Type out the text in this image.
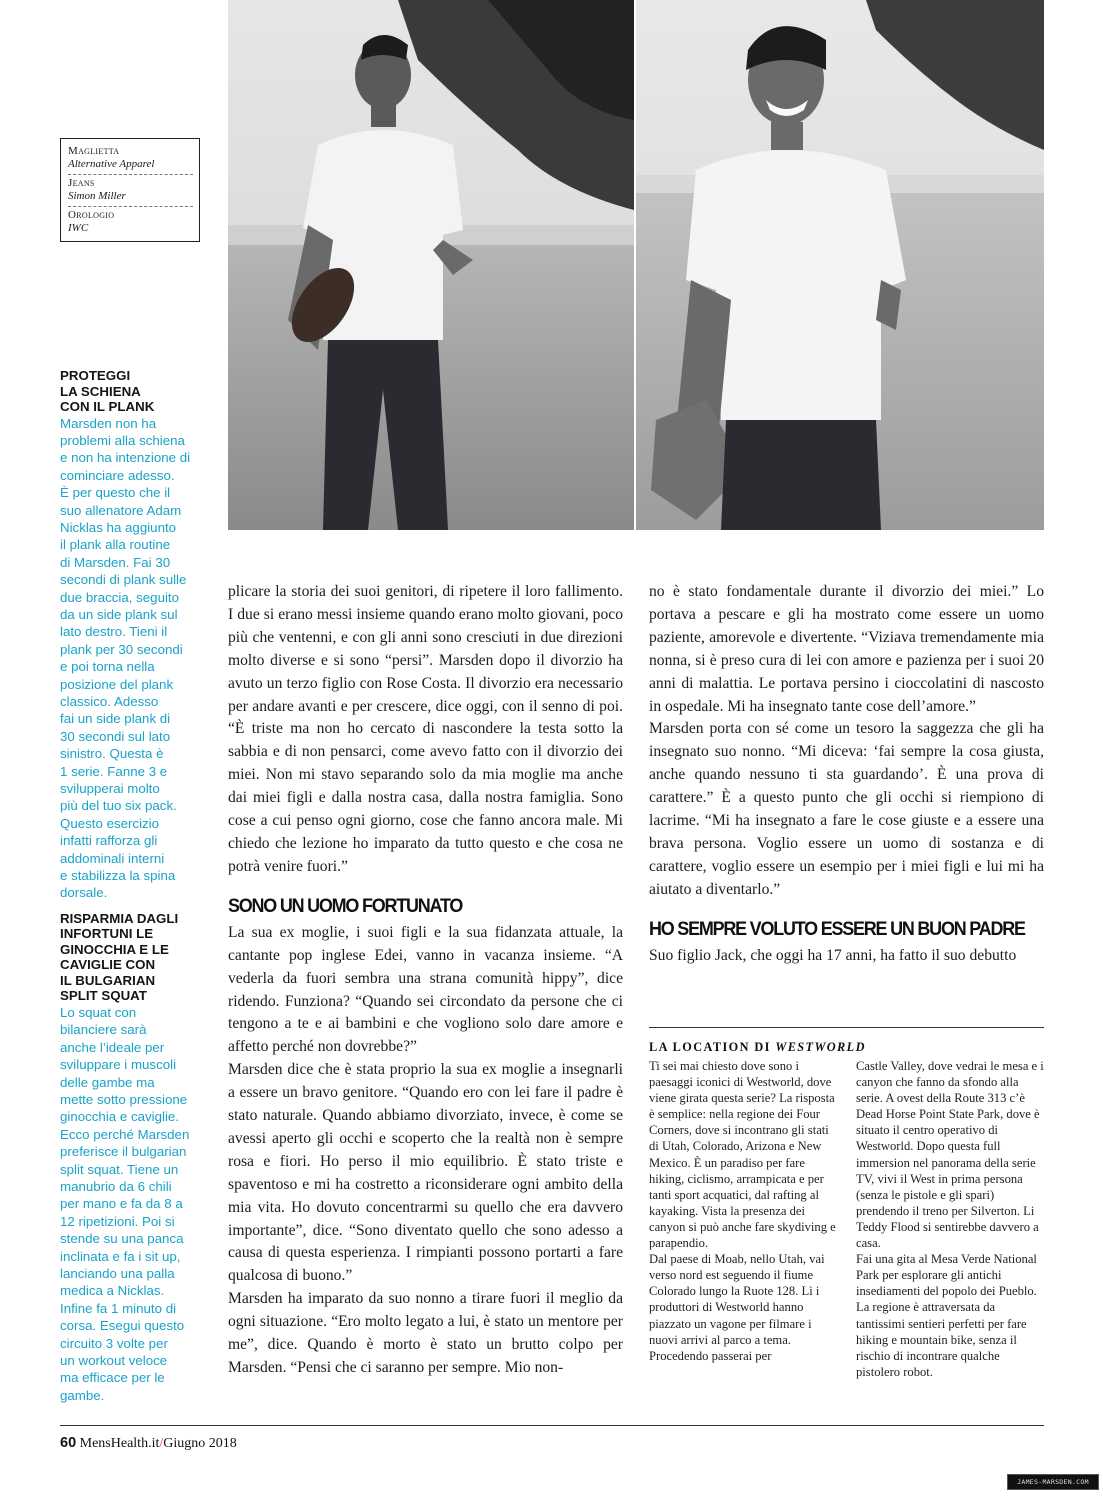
Maglietta
Alternative Apparel
Jeans
Simon Miller
Orologio
IWC
PROTEGGI
LA SCHIENA
CON IL PLANK
Marsden non ha
problemi alla schiena
e non ha intenzione di
cominciare adesso.
È per questo che il
suo allenatore Adam
Nicklas ha aggiunto
il plank alla routine
di Marsden. Fai 30
secondi di plank sulle
due braccia, seguito
da un side plank sul
lato destro. Tieni il
plank per 30 secondi
e poi torna nella
posizione del plank
classico. Adesso
fai un side plank di
30 secondi sul lato
sinistro. Questa è
1 serie. Fanne 3 e
svilupperai molto
più del tuo six pack.
Questo esercizio
infatti rafforza gli
addominali interni
e stabilizza la spina
dorsale.
RISPARMIA DAGLI
INFORTUNI LE
GINOCCHIA E LE
CAVIGLIE CON
IL BULGARIAN
SPLIT SQUAT
Lo squat con
bilanciere sarà
anche l’ideale per
sviluppare i muscoli
delle gambe ma
mette sotto pressione
ginocchia e caviglie.
Ecco perché Marsden
preferisce il bulgarian
split squat. Tiene un
manubrio da 6 chili
per mano e fa da 8 a
12 ripetizioni. Poi si
stende su una panca
inclinata e fa i sit up,
lanciando una palla
medica a Nicklas.
Infine fa 1 minuto di
corsa. Esegui questo
circuito 3 volte per
un workout veloce
ma efficace per le
gambe.

plicare la storia dei suoi genitori, di ripetere il loro fallimento. I due si erano messi insieme quando erano molto giovani, poco più che ventenni, e con gli anni sono cresciuti in due direzioni molto diverse e si sono “persi”. Marsden dopo il divorzio ha avuto un terzo figlio con Rose Costa. Il divorzio era necessario per andare avanti e per crescere, dice oggi, con il senno di poi. “È triste ma non ho cercato di nascondere la testa sotto la sabbia e di non pensarci, come avevo fatto con il divorzio dei miei. Non mi stavo separando solo da mia moglie ma anche dai miei figli e dalla nostra casa, dalla nostra famiglia. Sono cose a cui penso ogni giorno, cose che fanno ancora male. Mi chiedo che lezione ho imparato da tutto questo e che cosa ne potrà venire fuori.”

SONO UN UOMO FORTUNATO

La sua ex moglie, i suoi figli e la sua fidanzata attuale, la cantante pop inglese Edei, vanno in vacanza insieme. “A vederla da fuori sembra una strana comunità hippy”, dice ridendo. Funziona? “Quando sei circondato da persone che ci tengono a te e ai bambini e che vogliono solo dare amore e affetto perché non dovrebbe?”

Marsden dice che è stata proprio la sua ex moglie a insegnarli a essere un bravo genitore. “Quando ero con lei fare il padre è stato naturale. Quando abbiamo divorziato, invece, è come se avessi aperto gli occhi e scoperto che la realtà non è sempre rosa e fiori. Ho perso il mio equilibrio. È stato triste e spaventoso e mi ha costretto a riconsiderare ogni ambito della mia vita. Ho dovuto concentrarmi su quello che era davvero importante”, dice. “Sono diventato quello che sono adesso a causa di questa esperienza. I rimpianti possono portarti a fare qualcosa di buono.”

Marsden ha imparato da suo nonno a tirare fuori il meglio da ogni situazione. “Ero molto legato a lui, è stato un mentore per me”, dice. Quando è morto è stato un brutto colpo per Marsden. “Pensi che ci saranno per sempre. Mio non-

no è stato fondamentale durante il divorzio dei miei.” Lo portava a pescare e gli ha mostrato come essere un uomo paziente, amorevole e divertente. “Viziava tremendamente mia nonna, si è preso cura di lei con amore e pazienza per i suoi 20 anni di malattia. Le portava persino i cioccolatini di nascosto in ospedale. Mi ha insegnato tante cose dell’amore.”

Marsden porta con sé come un tesoro la saggezza che gli ha insegnato suo nonno. “Mi diceva: ‘fai sempre la cosa giusta, anche quando nessuno ti sta guardando’. È una prova di carattere.” È a questo punto che gli occhi si riempiono di lacrime. “Mi ha insegnato a fare le cose giuste e a essere una brava persona. Voglio essere un uomo di sostanza e di carattere, voglio essere un esempio per i miei figli e lui mi ha aiutato a diventarlo.”

HO SEMPRE VOLUTO ESSERE UN BUON PADRE

Suo figlio Jack, che oggi ha 17 anni, ha fatto il suo debutto

LA LOCATION DI WESTWORLD

Ti sei mai chiesto dove sono i paesaggi iconici di Westworld, dove viene girata questa serie? La risposta è semplice: nella regione dei Four Corners, dove si incontrano gli stati di Utah, Colorado, Arizona e New Mexico. È un paradiso per fare hiking, ciclismo, arrampicata e per tanti sport acquatici, dal rafting al kayaking. Vista la presenza dei canyon si può anche fare skydiving e parapendio.

Dal paese di Moab, nello Utah, vai verso nord est seguendo il fiume Colorado lungo la Ruote 128. Lì i produttori di Westworld hanno piazzato un vagone per filmare i nuovi arrivi al parco a tema. Procedendo passerai per

Castle Valley, dove vedrai le mesa e i canyon che fanno da sfondo alla serie. A ovest della Route 313 c’è Dead Horse Point State Park, dove è situato il centro operativo di Westworld. Dopo questa full immersion nel panorama della serie TV, vivi il West in prima persona (senza le pistole e gli spari) prendendo il treno per Silverton. Li Teddy Flood si sentirebbe davvero a casa.

Fai una gita al Mesa Verde National Park per esplorare gli antichi insediamenti del popolo dei Pueblo. La regione è attraversata da tantissimi sentieri perfetti per fare hiking e mountain bike, senza il rischio di incontrare qualche pistolero robot.

60 MensHealth.it/Giugno 2018
JAMES-MARSDEN.COM
